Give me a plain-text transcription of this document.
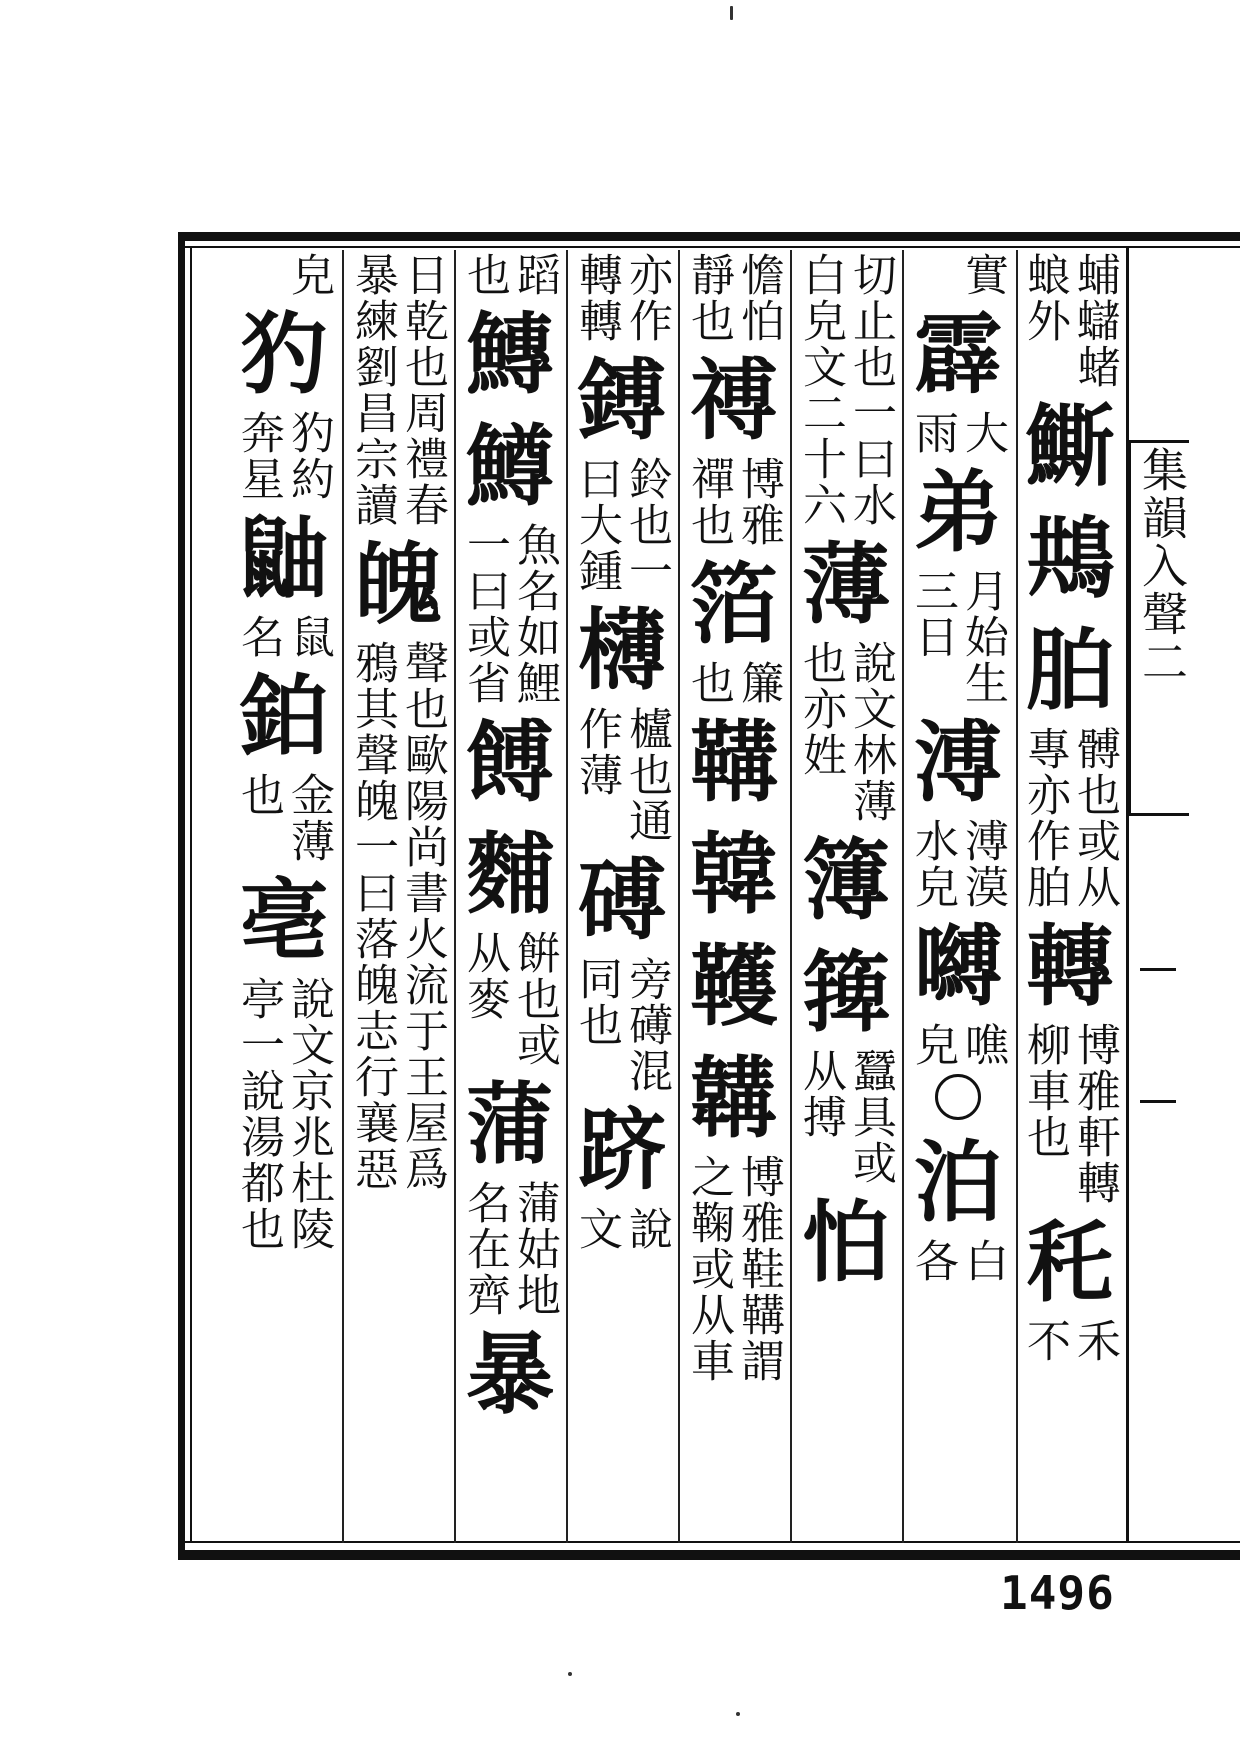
集韻入聲二
蜅蠩蝫
蜋外
䲉
䳍
胉
髆也或从
專亦作胉
轉
博雅軒轉
柳車也
秅
禾
不
實
霹
大
雨
弟
月始生
三日
溥
溥漠
水皃
嚩
噍
皃
泊
白
各
切止也一曰水
白皃文二十六
薄
說文林薄
也亦姓
簿
篺
蠶具或
从搏
怕
憺怕
靜也
禣
博雅
禪也
箔
簾
也
鞲
韓
韄
韝
博雅鞋鞲謂
之鞠或从車
亦作
轉轉
鎛
鈴也一
曰大鍾
欂
櫨也通
作薄
磗
旁礡混
同也
跻
說
文
蹈
也
鱄
鱒
魚名如鯉
一曰或省
餺
麱
餠也或
从麥
蒲
蒲姑地
名在齊
暴
日乾也周禮春
暴練劉昌宗讀
魄
聲也歐陽尚書火流于王屋爲
鴉其聲魄一曰落魄志行襄惡
皃
犳
犳約
奔星
鼬
鼠
名
鉑
金薄
也
亳
說文京兆杜陵
亭一說湯都也
1496
